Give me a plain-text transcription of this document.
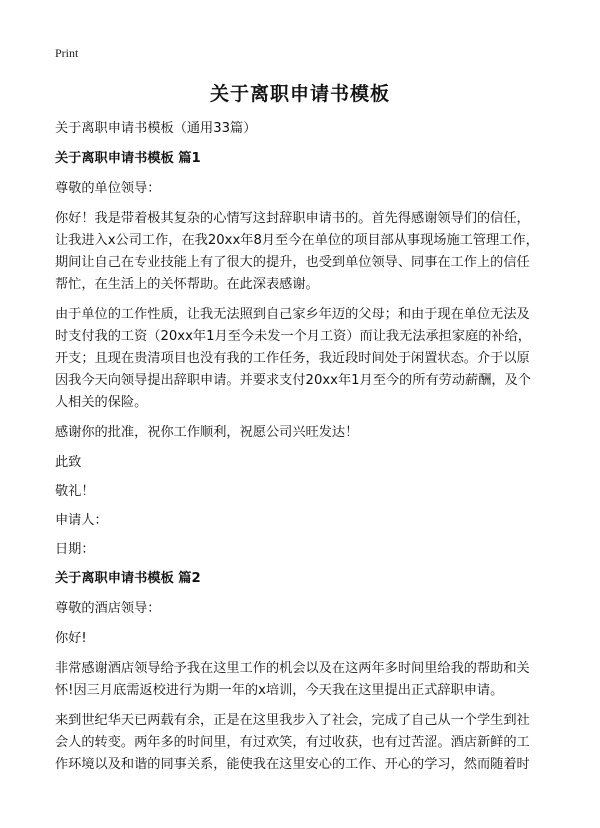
Print
关于离职申请书模板

关于离职申请书模板（通用33篇）

关于离职申请书模板 篇1

尊敬的单位领导：

你好！我是带着极其复杂的心情写这封辞职申请书的。首先得感谢领导们的信任，
让我进入x公司工作，在我20xx年8月至今在单位的项目部从事现场施工管理工作，
期间让自己在专业技能上有了很大的提升，也受到单位领导、同事在工作上的信任
帮忙，在生活上的关怀帮助。在此深表感谢。

由于单位的工作性质，让我无法照到自己家乡年迈的父母；和由于现在单位无法及
时支付我的工资（20xx年1月至今未发一个月工资）而让我无法承担家庭的补给，
开支；且现在贵清项目也没有我的工作任务，我近段时间处于闲置状态。介于以原
因我今天向领导提出辞职申请。并要求支付20xx年1月至今的所有劳动薪酬，及个
人相关的保险。

感谢你的批准，祝你工作顺利，祝愿公司兴旺发达！

此致

敬礼！

申请人：

日期：

关于离职申请书模板 篇2

尊敬的酒店领导：

你好!

非常感谢酒店领导给予我在这里工作的机会以及在这两年多时间里给我的帮助和关
怀!因三月底需返校进行为期一年的x培训，今天我在这里提出正式辞职申请。

来到世纪华天已两载有余，正是在这里我步入了社会，完成了自己从一个学生到社
会人的转变。两年多的时间里，有过欢笑，有过收获，也有过苦涩。酒店新鲜的工
作环境以及和谐的同事关系，能使我在这里安心的工作、开心的学习，然而随着时
